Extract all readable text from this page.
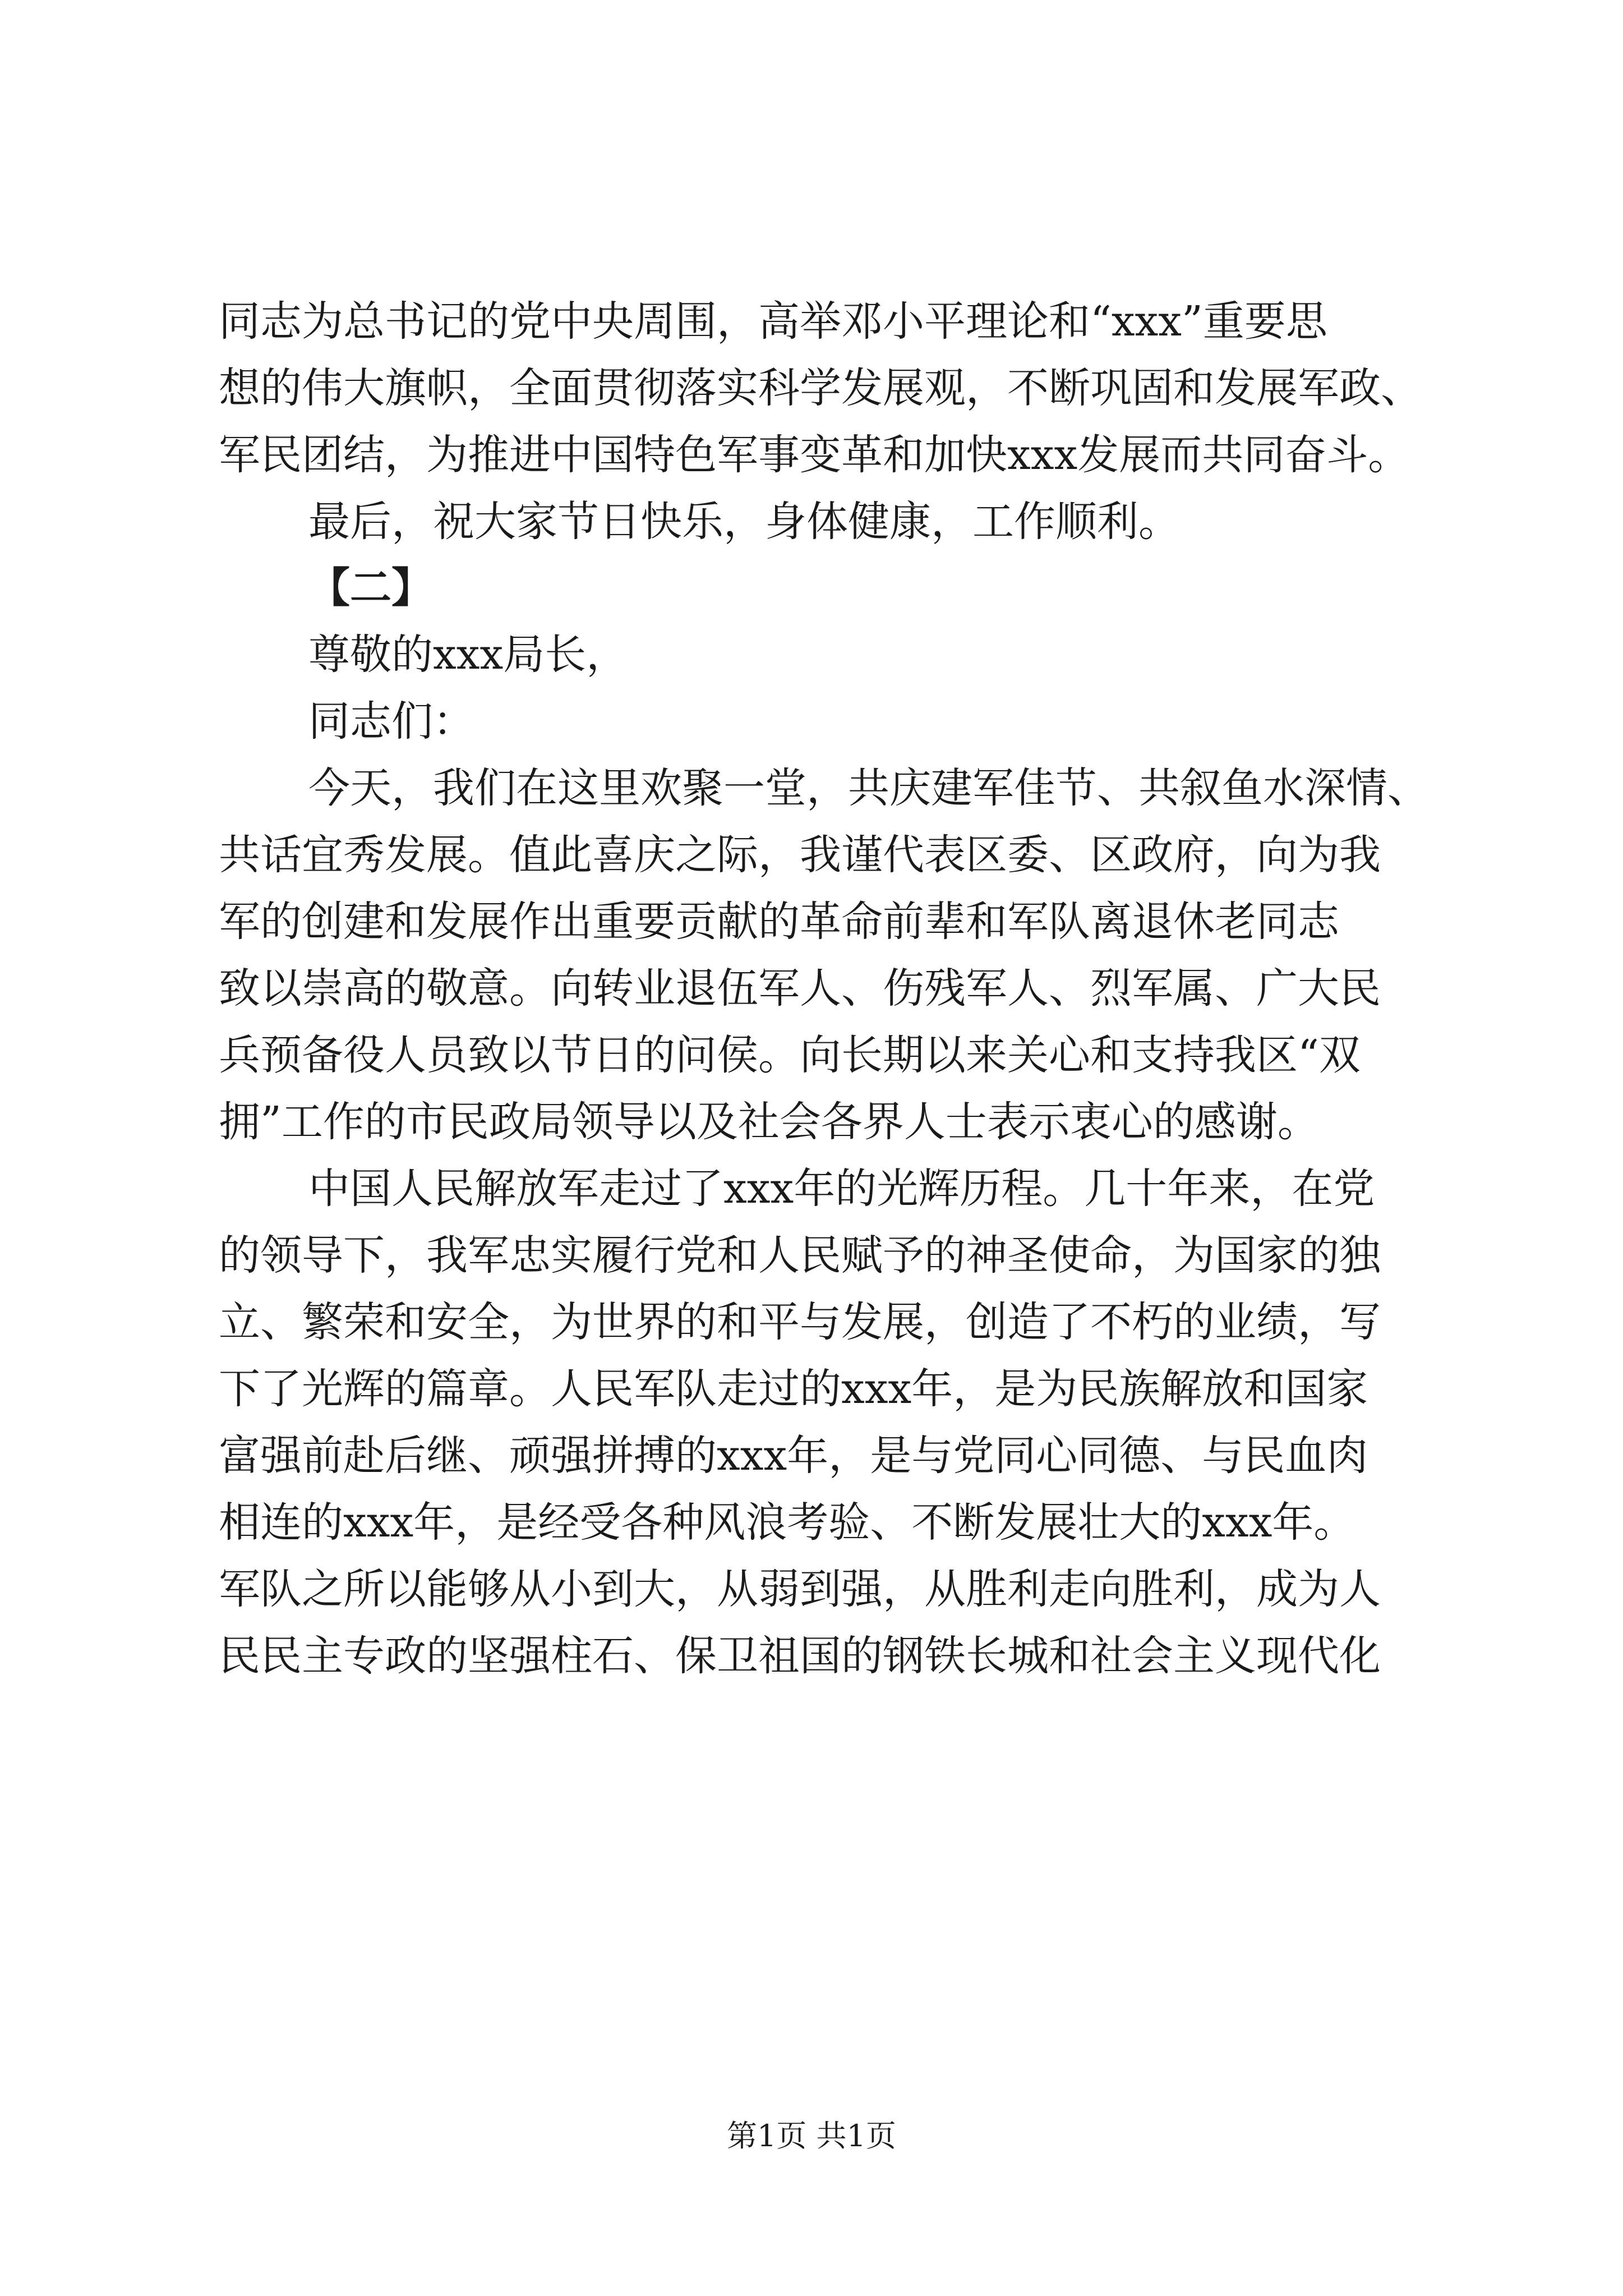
同志为总书记的党中央周围，高举邓小平理论和“xxx”重要思
想的伟大旗帜，全面贯彻落实科学发展观，不断巩固和发展军政、
军民团结，为推进中国特色军事变革和加快xxx发展而共同奋斗。
最后，祝大家节日快乐，身体健康，工作顺利。
【二】
尊敬的xxx局长，
同志们：
今天，我们在这里欢聚一堂，共庆建军佳节、共叙鱼水深情、
共话宜秀发展。值此喜庆之际，我谨代表区委、区政府，向为我
军的创建和发展作出重要贡献的革命前辈和军队离退休老同志
致以崇高的敬意。向转业退伍军人、伤残军人、烈军属、广大民
兵预备役人员致以节日的问侯。向长期以来关心和支持我区“双
拥”工作的市民政局领导以及社会各界人士表示衷心的感谢。
中国人民解放军走过了xxx年的光辉历程。几十年来，在党
的领导下，我军忠实履行党和人民赋予的神圣使命，为国家的独
立、繁荣和安全，为世界的和平与发展，创造了不朽的业绩，写
下了光辉的篇章。人民军队走过的xxx年，是为民族解放和国家
富强前赴后继、顽强拼搏的xxx年，是与党同心同德、与民血肉
相连的xxx年，是经受各种风浪考验、不断发展壮大的xxx年。
军队之所以能够从小到大，从弱到强，从胜利走向胜利，成为人
民民主专政的坚强柱石、保卫祖国的钢铁长城和社会主义现代化
第1页 共1页
